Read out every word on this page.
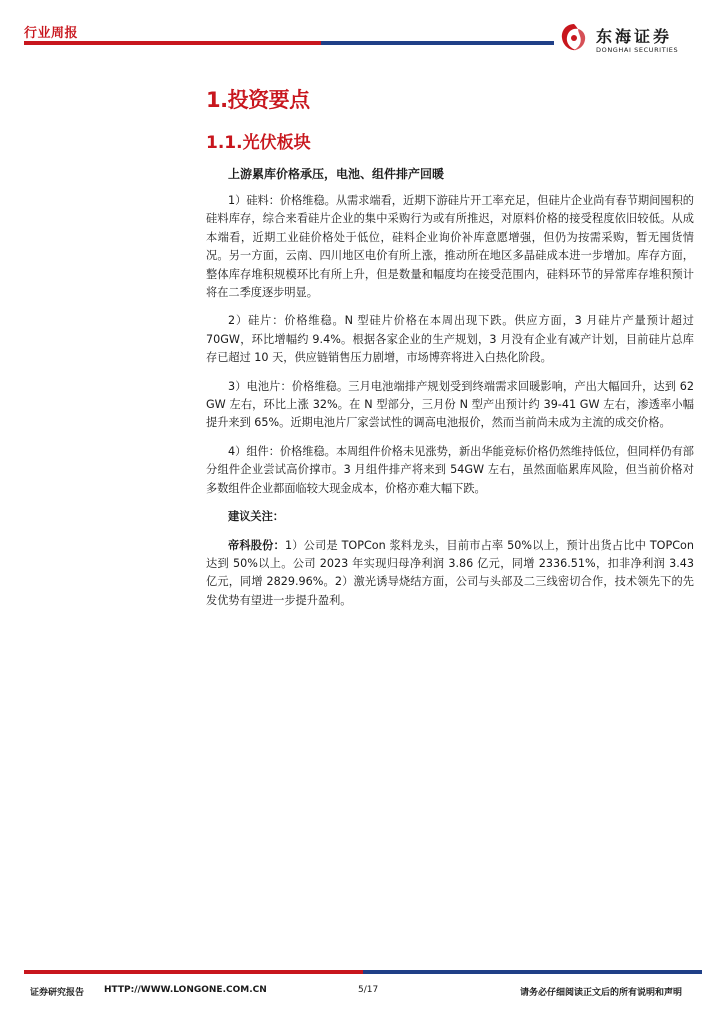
行业周报	东海证券
DONGHAI SECURITIES
1.投资要点
1.1.光伏板块
上游累库价格承压，电池、组件排产回暖

1）硅料：价格维稳。从需求端看，近期下游硅片开工率充足，但硅片企业尚有春节期间囤积的硅料库存，综合来看硅片企业的集中采购行为或有所推迟，对原料价格的接受程度依旧较低。从成本端看，近期工业硅价格处于低位，硅料企业询价补库意愿增强，但仍为按需采购，暂无囤货情况。另一方面，云南、四川地区电价有所上涨，推动所在地区多晶硅成本进一步增加。库存方面，整体库存堆积规模环比有所上升，但是数量和幅度均在接受范围内，硅料环节的异常库存堆积预计将在二季度逐步明显。

2）硅片：价格维稳。N 型硅片价格在本周出现下跌。供应方面，3 月硅片产量预计超过 70GW，环比增幅约 9.4%。根据各家企业的生产规划，3 月没有企业有减产计划，目前硅片总库存已超过 10 天，供应链销售压力剧增，市场博弈将进入白热化阶段。

3）电池片：价格维稳。三月电池端排产规划受到终端需求回暖影响，产出大幅回升，达到 62 GW 左右，环比上涨 32%。在 N 型部分，三月份 N 型产出预计约 39-41 GW 左右，渗透率小幅提升来到 65%。近期电池片厂家尝试性的调高电池报价，然而当前尚未成为主流的成交价格。

4）组件：价格维稳。本周组件价格未见涨势，新出华能竞标价格仍然维持低位，但同样仍有部分组件企业尝试高价撑市。3 月组件排产将来到 54GW 左右，虽然面临累库风险，但当前价格对多数组件企业都面临较大现金成本，价格亦难大幅下跌。

建议关注：

帝科股份：1）公司是 TOPCon 浆料龙头，目前市占率 50%以上，预计出货占比中 TOPCon 达到 50%以上。公司 2023 年实现归母净利润 3.86 亿元，同增 2336.51%，扣非净利润 3.43 亿元，同增 2829.96%。2）激光诱导烧结方面，公司与头部及二三线密切合作，技术领先下的先发优势有望进一步提升盈利。

证券研究报告 HTTP://WWW.LONGONE.COM.CN	5/17	请务必仔细阅读正文后的所有说明和声明
